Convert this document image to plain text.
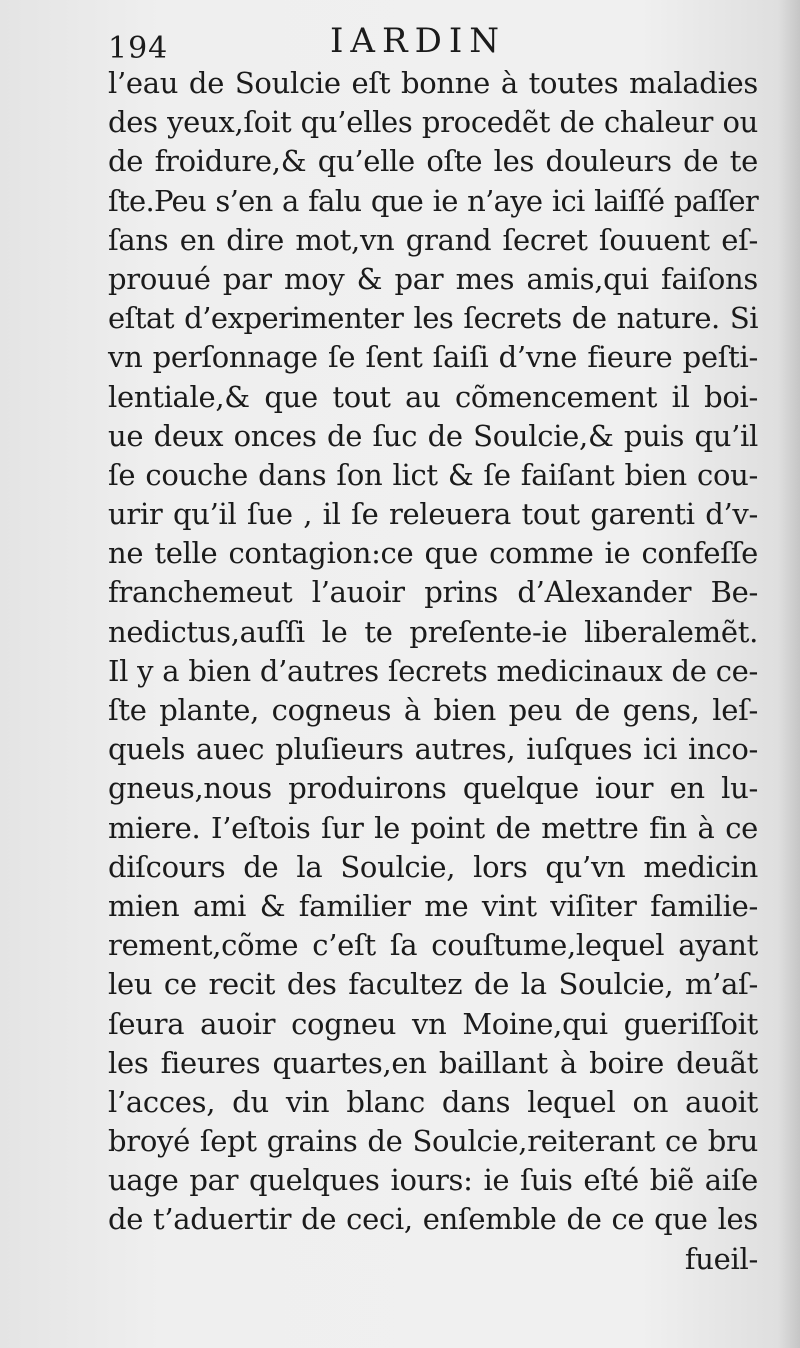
194	IARDIN
l’eau de Soulcie eſt bonne à toutes maladies
des yeux,ſoit qu’elles procedẽt de chaleur ou
de froidure,& qu’elle oſte les douleurs de te
ſte.Peu s’en a falu que ie n’aye ici laiſſé paſſer
ſans en dire mot,vn grand ſecret ſouuent eſ-
prouué par moy & par mes amis,qui faiſons
eſtat d’experimenter les ſecrets de nature. Si
vn perſonnage ſe ſent ſaiſi d’vne fieure peſti-
lentiale,& que tout au cõmencement il boi-
ue deux onces de ſuc de Soulcie,& puis qu’il
ſe couche dans ſon lict & ſe faiſant bien cou-
urir qu’il ſue , il ſe releuera tout garenti d’v-
ne telle contagion:ce que comme ie confeſſe
franchemeut l’auoir prins d’Alexander Be-
nedictus,auſſi le te preſente-ie liberalemẽt.
Il y a bien d’autres ſecrets medicinaux de ce-
ſte plante, cogneus à bien peu de gens, leſ-
quels auec pluſieurs autres, iuſques ici inco-
gneus,nous produirons quelque iour en lu-
miere. I’eſtois ſur le point de mettre fin à ce
diſcours de la Soulcie, lors qu’vn medicin
mien ami & familier me vint viſiter familie-
rement,cõme c’eſt ſa couſtume,lequel ayant
leu ce recit des facultez de la Soulcie, m’aſ-
ſeura auoir cogneu vn Moine,qui gueriſſoit
les fieures quartes,en baillant à boire deuãt
l’acces, du vin blanc dans lequel on auoit
broyé ſept grains de Soulcie,reiterant ce bru
uage par quelques iours: ie ſuis eſté biẽ aiſe
de t’aduertir de ceci, enſemble de ce que les
fueil-
